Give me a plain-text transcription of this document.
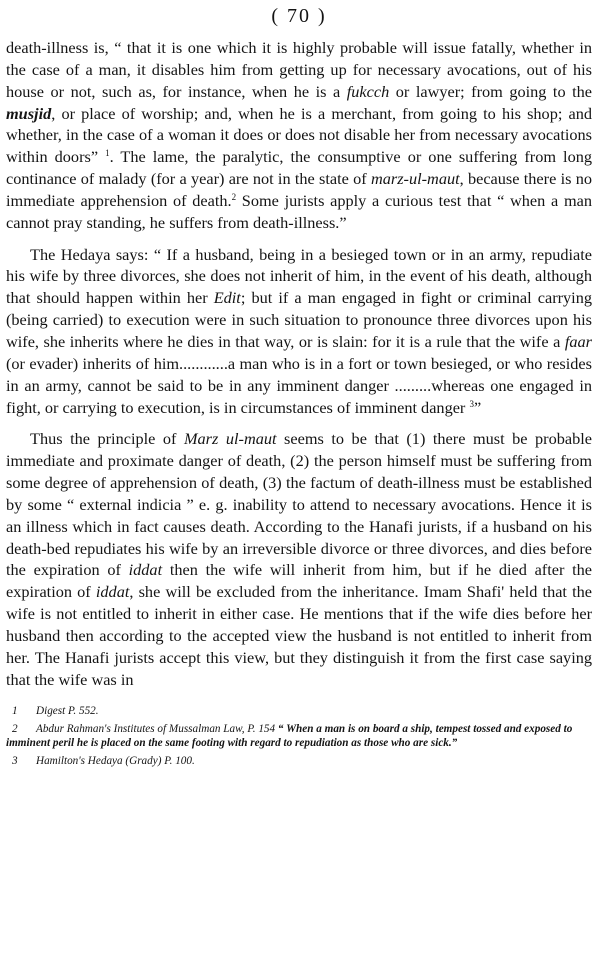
( 70 )

death-illness is, “ that it is one which it is highly probable will issue fatally, whether in the case of a man, it disables him from getting up for necessary avocations, out of his house or not, such as, for instance, when he is a fukcch or lawyer; from going to the musjid, or place of worship; and, when he is a merchant, from going to his shop; and whether, in the case of a woman it does or does not disable her from necessary avocations within doors” $^1$. The lame, the paralytic, the consumptive or one suffering from long continance of malady (for a year) are not in the state of marz-ul-maut, because there is no immediate apprehension of death.$^2$ Some jurists apply a curious test that “ when a man cannot pray standing, he suffers from death-illness.”

The Hedaya says: “ If a husband, being in a besieged town or in an army, repudiate his wife by three divorces, she does not inherit of him, in the event of his death, although that should happen within her Edit; but if a man engaged in fight or criminal carrying (being carried) to execution were in such situation to pronounce three divorces upon his wife, she inherits where he dies in that way, or is slain: for it is a rule that the wife a faar (or evader) inherits of him............a man who is in a fort or town besieged, or who resides in an army, cannot be said to be in any imminent danger .........whereas one engaged in fight, or carrying to execution, is in circumstances of imminent danger $^3$”

Thus the principle of Marz ul-maut seems to be that (1) there must be probable immediate and proximate danger of death, (2) the person himself must be suffering from some degree of apprehension of death, (3) the factum of death-illness must be established by some “ external indicia ” e. g. inability to attend to necessary avocations. Hence it is an illness which in fact causes death. According to the Hanafi jurists, if a husband on his death-bed repudiates his wife by an irreversible divorce or three divorces, and dies before the expiration of iddat then the wife will inherit from him, but if he died after the expiration of iddat, she will be excluded from the inheritance. Imam Shafi' held that the wife is not entitled to inherit in either case. He mentions that if the wife dies before her husband then according to the accepted view the husband is not entitled to inherit from her. The Hanafi jurists accept this view, but they distinguish it from the first case saying that the wife was in

1 Digest P. 552.
2 Abdur Rahman's Institutes of Mussalman Law, P. 154 “ When a man is on board a ship, tempest tossed and exposed to imminent peril he is placed on the same footing with regard to repudiation as those who are sick.”
3 Hamilton's Hedaya (Grady) P. 100.
